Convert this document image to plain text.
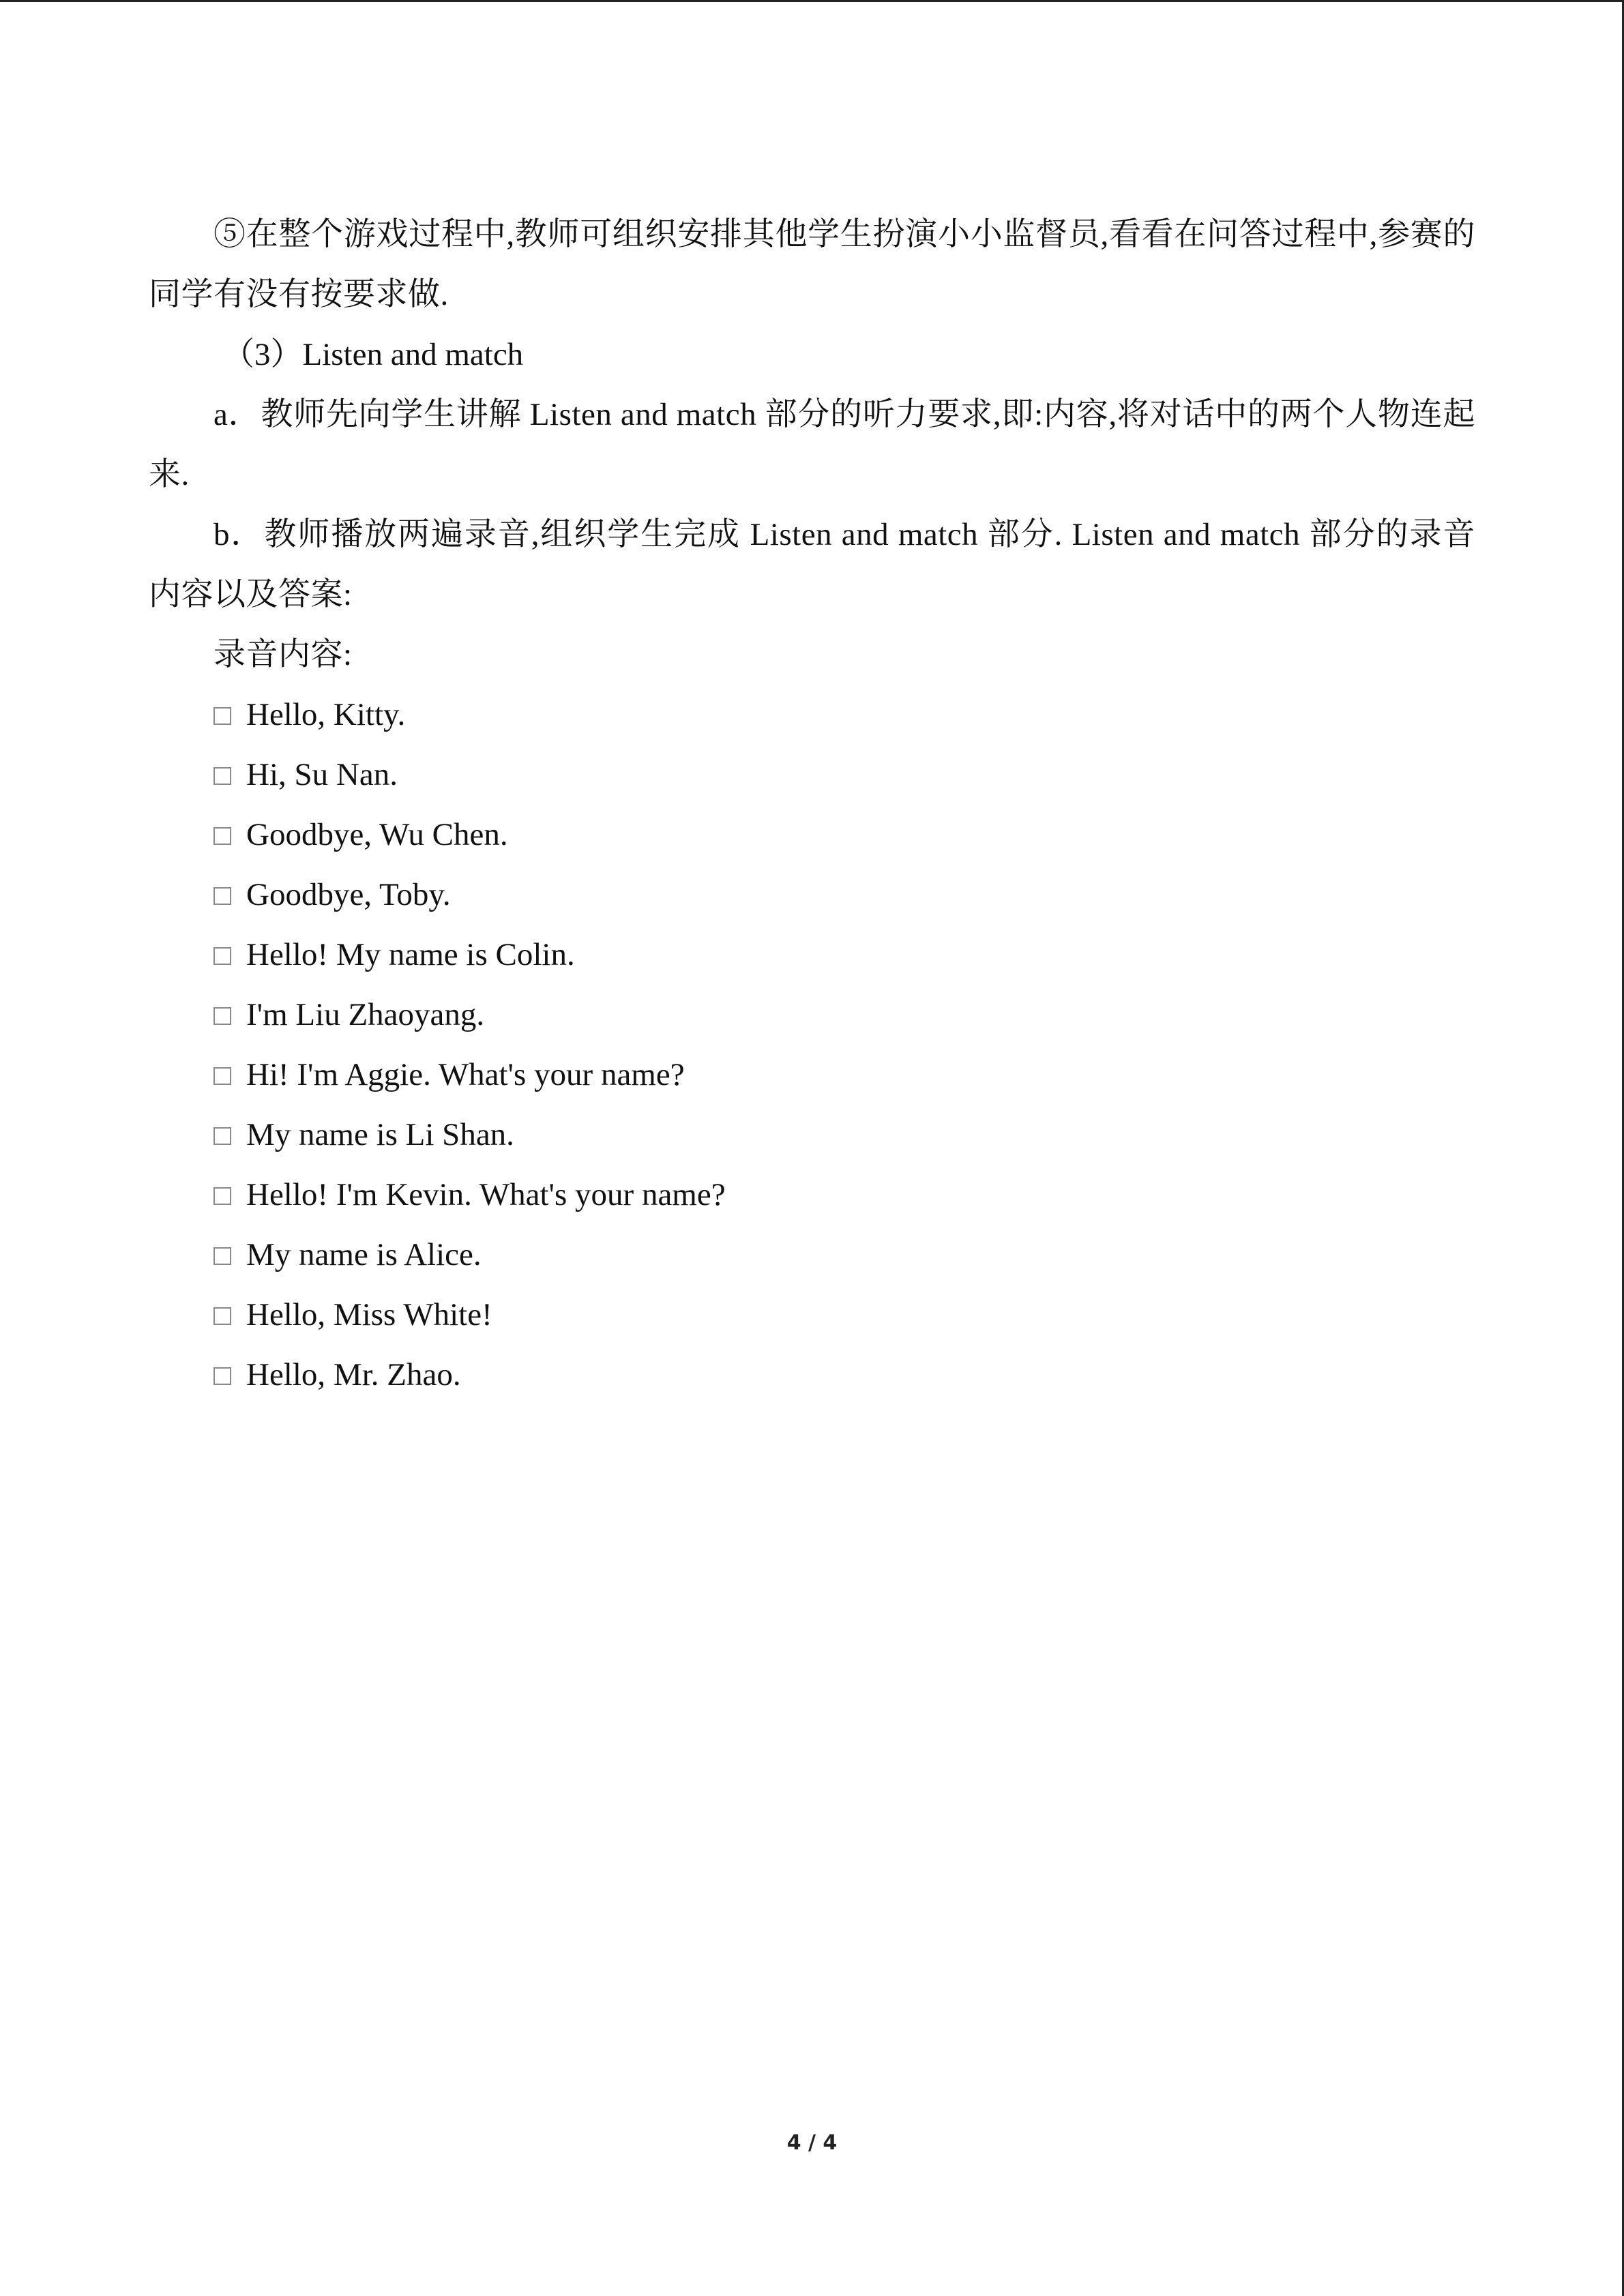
⑤在整个游戏过程中,教师可组织安排其他学生扮演小小监督员,看看在问答过程中,参赛的同学有没有按要求做.

（3）Listen and match

a．教师先向学生讲解 Listen and match 部分的听力要求,即:内容,将对话中的两个人物连起来.

b．教师播放两遍录音,组织学生完成 Listen and match 部分. Listen and match 部分的录音内容以及答案:

录音内容:

Hello, Kitty.
Hi, Su Nan.
Goodbye, Wu Chen.
Goodbye, Toby.
Hello! My name is Colin.
I'm Liu Zhaoyang.
Hi! I'm Aggie. What's your name?
My name is Li Shan.
Hello! I'm Kevin. What's your name?
My name is Alice.
Hello, Miss White!
Hello, Mr. Zhao.
4 / 4
